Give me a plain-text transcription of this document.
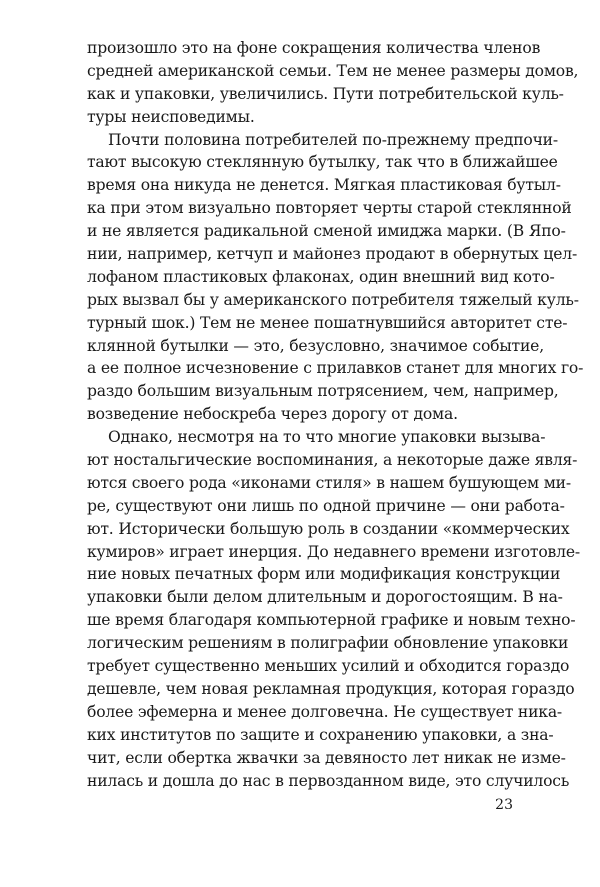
произошло это на фоне сокращения количества членов
средней американской семьи. Тем не менее размеры домов,
как и упаковки, увеличились. Пути потребительской куль-
туры неисповедимы.
Почти половина потребителей по-прежнему предпочи-
тают высокую стеклянную бутылку, так что в ближайшее
время она никуда не денется. Мягкая пластиковая бутыл-
ка при этом визуально повторяет черты старой стеклянной
и не является радикальной сменой имиджа марки. (В Япо-
нии, например, кетчуп и майонез продают в обернутых цел-
лофаном пластиковых флаконах, один внешний вид кото-
рых вызвал бы у американского потребителя тяжелый куль-
турный шок.) Тем не менее пошатнувшийся авторитет сте-
клянной бутылки — это, безусловно, значимое событие,
а ее полное исчезновение с прилавков станет для многих го-
раздо большим визуальным потрясением, чем, например,
возведение небоскреба через дорогу от дома.
Однако, несмотря на то что многие упаковки вызыва-
ют ностальгические воспоминания, а некоторые даже явля-
ются своего рода «иконами стиля» в нашем бушующем ми-
ре, существуют они лишь по одной причине — они работа-
ют. Исторически большую роль в создании «коммерческих
кумиров» играет инерция. До недавнего времени изготовле-
ние новых печатных форм или модификация конструкции
упаковки были делом длительным и дорогостоящим. В на-
ше время благодаря компьютерной графике и новым техно-
логическим решениям в полиграфии обновление упаковки
требует существенно меньших усилий и обходится гораздо
дешевле, чем новая рекламная продукция, которая гораздо
более эфемерна и менее долговечна. Не существует ника-
ких институтов по защите и сохранению упаковки, а зна-
чит, если обертка жвачки за девяносто лет никак не изме-
нилась и дошла до нас в первозданном виде, это случилось
23
